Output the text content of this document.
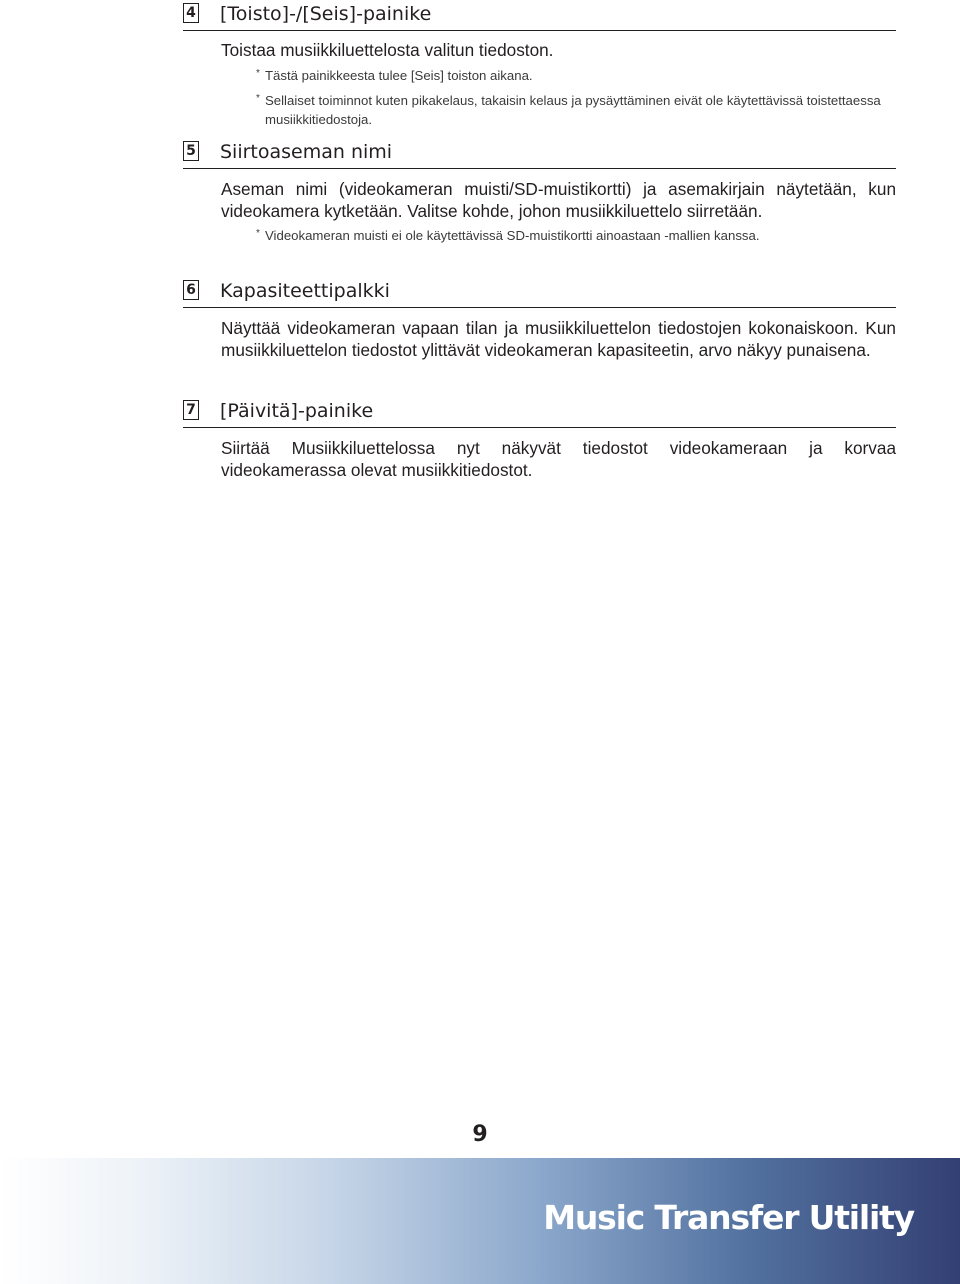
4 [Toisto]-/[Seis]-painike

Toistaa musiikkiluettelosta valitun tiedoston.

* Tästä painikkeesta tulee [Seis] toiston aikana.

* Sellaiset toiminnot kuten pikakelaus, takaisin kelaus ja pysäyttäminen eivät ole käytettävissä toistettaessa musiikkitiedostoja.

5 Siirtoaseman nimi

Aseman nimi (videokameran muisti/SD-muistikortti) ja asemakirjain näytetään, kun videokamera kytketään. Valitse kohde, johon musiikkiluettelo siirretään.

* Videokameran muisti ei ole käytettävissä SD-muistikortti ainoastaan -mallien kanssa.

6 Kapasiteettipalkki

Näyttää videokameran vapaan tilan ja musiikkiluettelon tiedostojen kokonaiskoon. Kun musiikkiluettelon tiedostot ylittävät videokameran kapasiteetin, arvo näkyy punaisena.

7 [Päivitä]-painike

Siirtää Musiikkiluettelossa nyt näkyvät tiedostot videokameraan ja korvaa videokamerassa olevat musiikkitiedostot.

9
Music Transfer Utility
